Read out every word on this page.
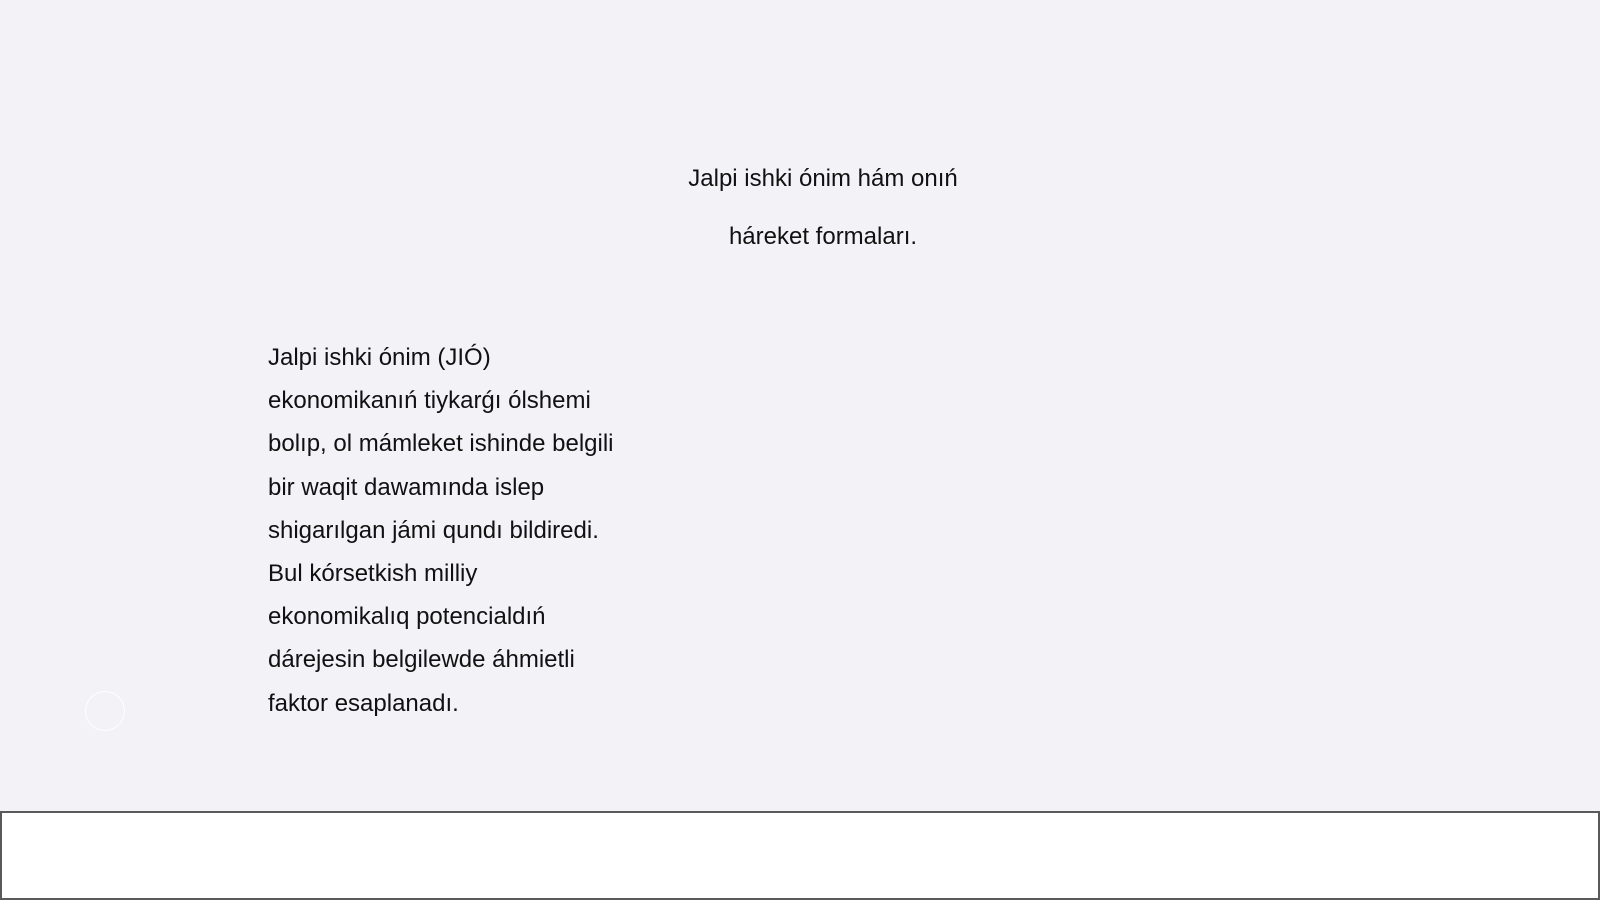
Jalpi ishki ónim hám onıń
háreket formaları.
Jalpi ishki ónim (JIÓ)
ekonomikanıń tiykarǵı ólshemi
bolıp, ol mámleket ishinde belgili
bir waqit dawamında islep
shigarılgan jámi qundı bildiredi.
Bul kórsetkish milliy
ekonomikalıq potencialdıń
dárejesin belgilewde áhmietli
faktor esaplanadı.
